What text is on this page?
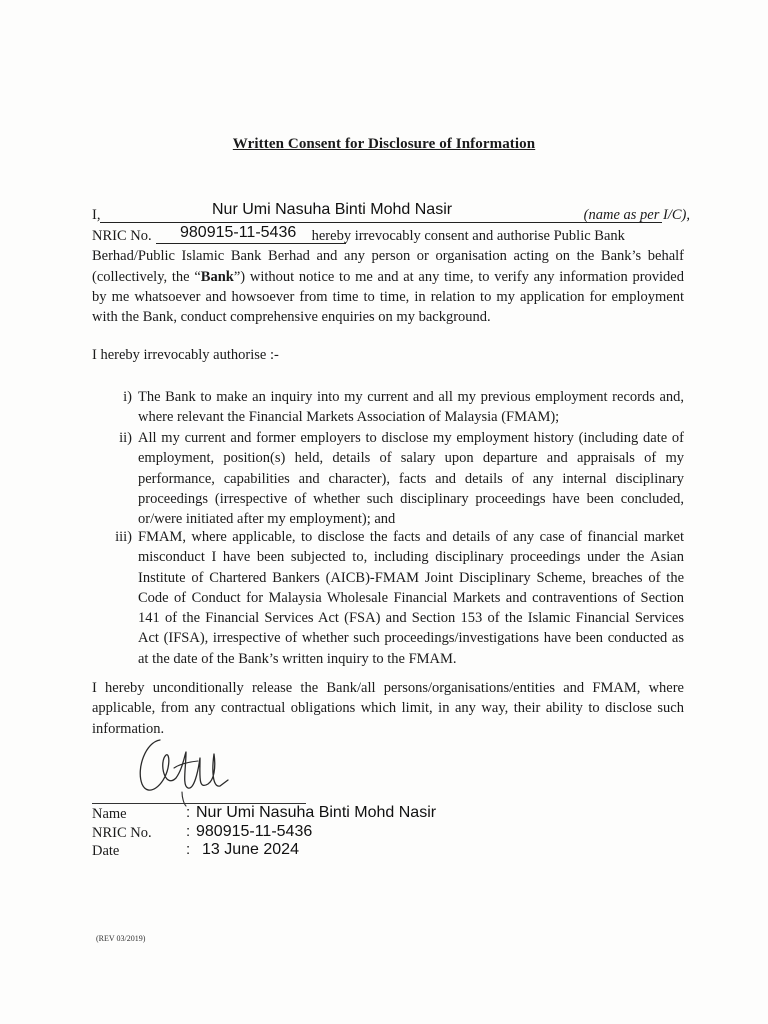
Written Consent for Disclosure of Information
I,	Nur Umi Nasuha Binti Mohd Nasir	(name as per I/C),
980915-11-5436
NRIC No.	hereby irrevocably consent and authorise Public Bank
Berhad/Public Islamic Bank Berhad and any person or organisation acting on the Bank’s behalf (collectively, the “Bank”) without notice to me and at any time, to verify any information provided by me whatsoever and howsoever from time to time, in relation to my application for employment with the Bank, conduct comprehensive enquiries on my background.
I hereby irrevocably authorise :-
i) The Bank to make an inquiry into my current and all my previous employment records and, where relevant the Financial Markets Association of Malaysia (FMAM);
ii) All my current and former employers to disclose my employment history (including date of employment, position(s) held, details of salary upon departure and appraisals of my performance, capabilities and character), facts and details of any internal disciplinary proceedings (irrespective of whether such disciplinary proceedings have been concluded, or/were initiated after my employment); and
iii) FMAM, where applicable, to disclose the facts and details of any case of financial market misconduct I have been subjected to, including disciplinary proceedings under the Asian Institute of Chartered Bankers (AICB)-FMAM Joint Disciplinary Scheme, breaches of the Code of Conduct for Malaysia Wholesale Financial Markets and contraventions of Section 141 of the Financial Services Act (FSA) and Section 153 of the Islamic Financial Services Act (IFSA), irrespective of whether such proceedings/investigations have been conducted as at the date of the Bank’s written inquiry to the FMAM.
I hereby unconditionally release the Bank/all persons/organisations/entities and FMAM, where applicable, from any contractual obligations which limit, in any way, their ability to disclose such information.
Name	: Nur Umi Nasuha Binti Mohd Nasir
NRIC No. : 980915-11-5436
Date	: 13 June 2024
(REV 03/2019)
